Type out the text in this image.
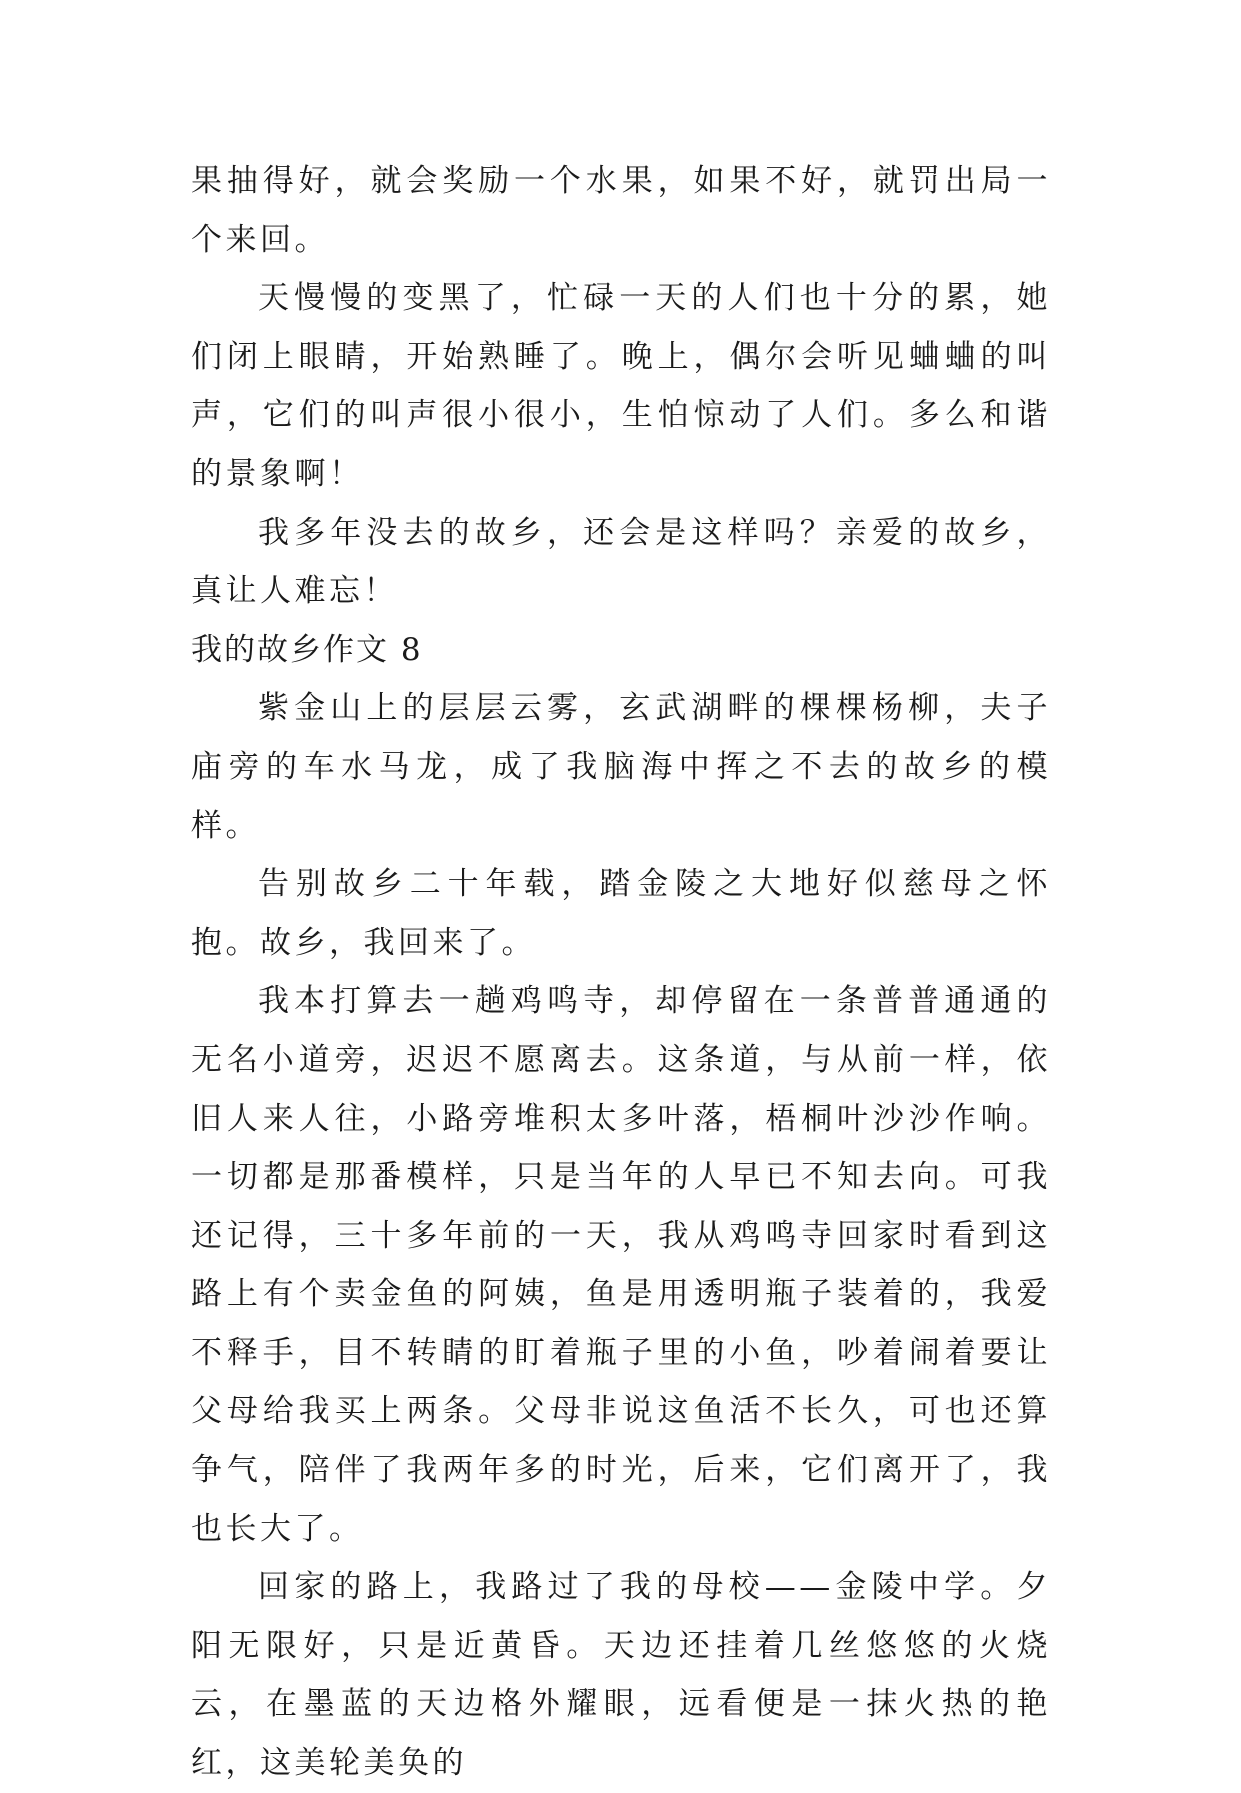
果抽得好，就会奖励一个水果，如果不好，就罚出局一个来回。

天慢慢的变黑了，忙碌一天的人们也十分的累，她们闭上眼睛，开始熟睡了。晚上，偶尔会听见蛐蛐的叫声，它们的叫声很小很小，生怕惊动了人们。多么和谐的景象啊！

我多年没去的故乡，还会是这样吗？亲爱的故乡，真让人难忘！

我的故乡作文 8

紫金山上的层层云雾，玄武湖畔的棵棵杨柳，夫子庙旁的车水马龙，成了我脑海中挥之不去的故乡的模样。

告别故乡二十年载，踏金陵之大地好似慈母之怀抱。故乡，我回来了。

我本打算去一趟鸡鸣寺，却停留在一条普普通通的无名小道旁，迟迟不愿离去。这条道，与从前一样，依旧人来人往，小路旁堆积太多叶落，梧桐叶沙沙作响。一切都是那番模样，只是当年的人早已不知去向。可我还记得，三十多年前的一天，我从鸡鸣寺回家时看到这路上有个卖金鱼的阿姨，鱼是用透明瓶子装着的，我爱不释手，目不转睛的盯着瓶子里的小鱼，吵着闹着要让父母给我买上两条。父母非说这鱼活不长久，可也还算争气，陪伴了我两年多的时光，后来，它们离开了，我也长大了。

回家的路上，我路过了我的母校——金陵中学。夕阳无限好，只是近黄昏。天边还挂着几丝悠悠的火烧云，在墨蓝的天边格外耀眼，远看便是一抹火热的艳红，这美轮美奂的
